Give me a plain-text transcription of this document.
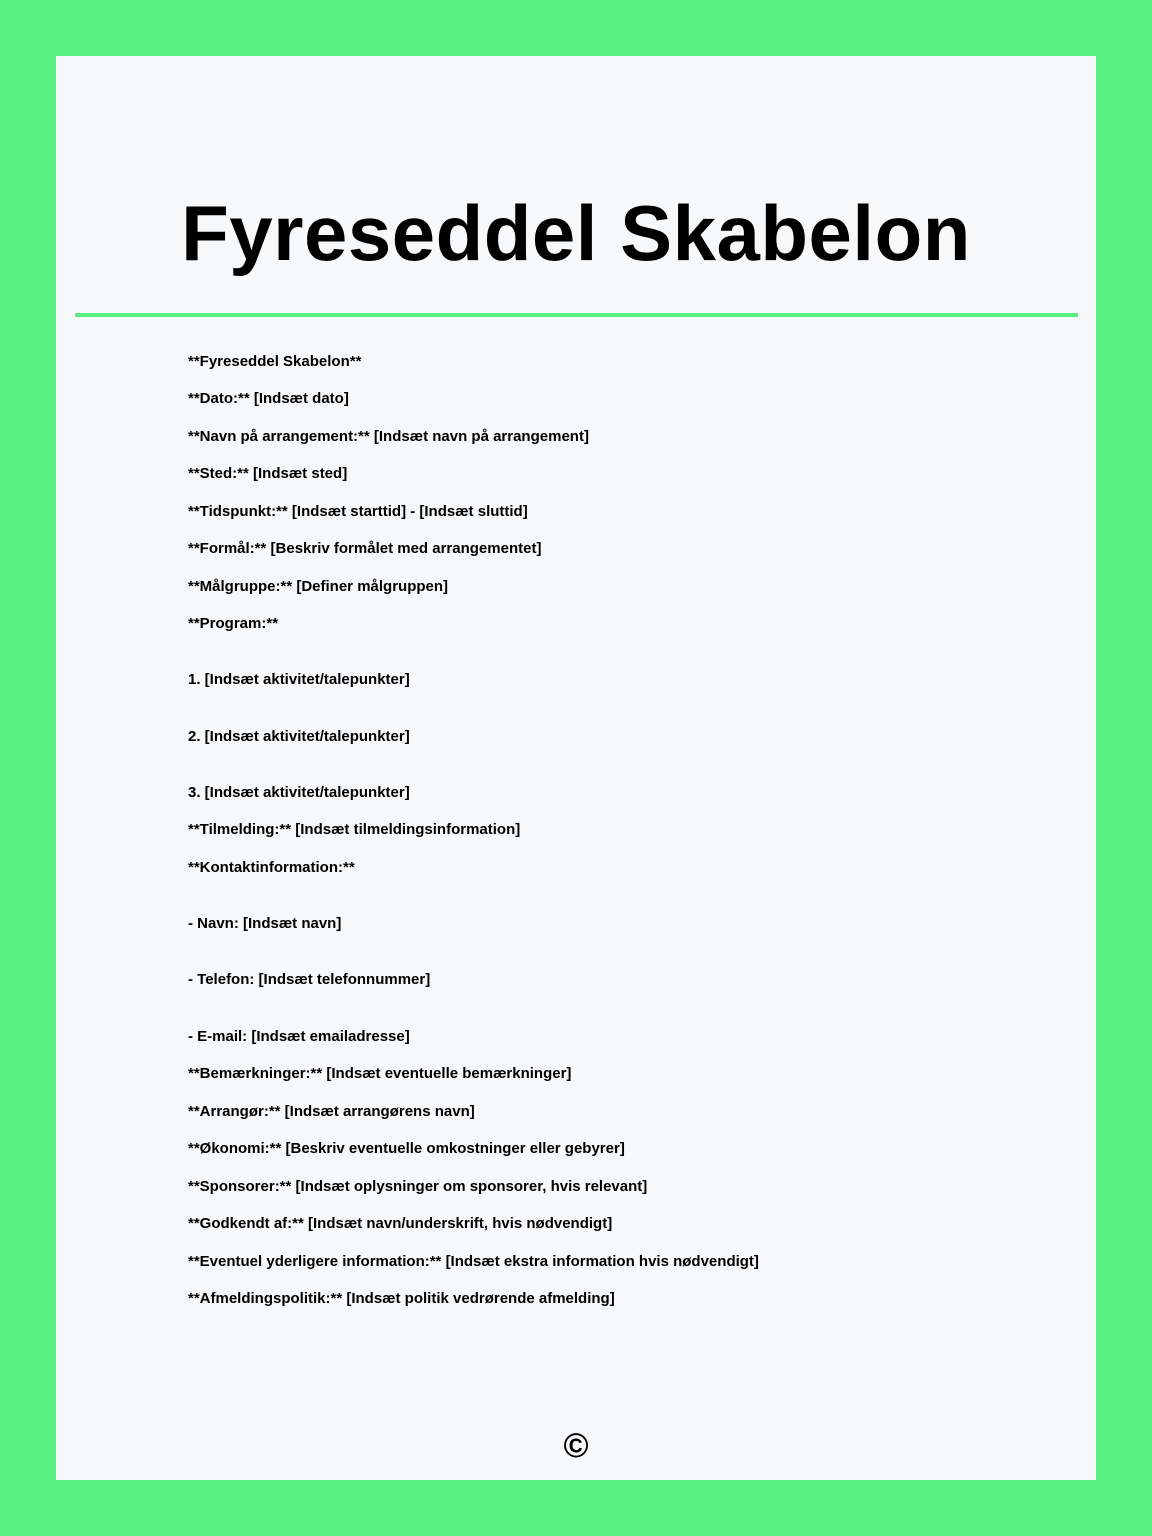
Fyreseddel Skabelon
**Fyreseddel Skabelon**
**Dato:** [Indsæt dato]
**Navn på arrangement:** [Indsæt navn på arrangement]
**Sted:** [Indsæt sted]
**Tidspunkt:** [Indsæt starttid] - [Indsæt sluttid]
**Formål:** [Beskriv formålet med arrangementet]
**Målgruppe:** [Definer målgruppen]
**Program:**
1. [Indsæt aktivitet/talepunkter]
2. [Indsæt aktivitet/talepunkter]
3. [Indsæt aktivitet/talepunkter]
**Tilmelding:** [Indsæt tilmeldingsinformation]
**Kontaktinformation:**
- Navn: [Indsæt navn]
- Telefon: [Indsæt telefonnummer]
- E-mail: [Indsæt emailadresse]
**Bemærkninger:** [Indsæt eventuelle bemærkninger]
**Arrangør:** [Indsæt arrangørens navn]
**Økonomi:** [Beskriv eventuelle omkostninger eller gebyrer]
**Sponsorer:** [Indsæt oplysninger om sponsorer, hvis relevant]
**Godkendt af:** [Indsæt navn/underskrift, hvis nødvendigt]
**Eventuel yderligere information:** [Indsæt ekstra information hvis nødvendigt]
**Afmeldingspolitik:** [Indsæt politik vedrørende afmelding]
©
